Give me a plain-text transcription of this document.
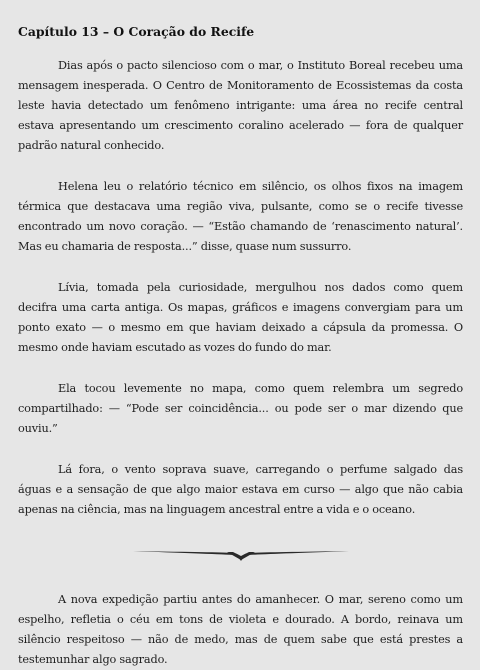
Capítulo 13 – O Coração do Recife

Dias após o pacto silencioso com o mar, o Instituto Boreal recebeu uma mensagem inesperada. O Centro de Monitoramento de Ecossistemas da costa leste havia detectado um fenômeno intrigante: uma área no recife central estava apresentando um crescimento coralino acelerado — fora de qualquer padrão natural conhecido.

Helena leu o relatório técnico em silêncio, os olhos fixos na imagem térmica que destacava uma região viva, pulsante, como se o recife tivesse encontrado um novo coração. — “Estão chamando de ‘renascimento natural’. Mas eu chamaria de resposta...” disse, quase num sussurro.

Lívia, tomada pela curiosidade, mergulhou nos dados como quem decifra uma carta antiga. Os mapas, gráficos e imagens convergiam para um ponto exato — o mesmo em que haviam deixado a cápsula da promessa. O mesmo onde haviam escutado as vozes do fundo do mar.

Ela tocou levemente no mapa, como quem relembra um segredo compartilhado: — “Pode ser coincidência... ou pode ser o mar dizendo que ouviu.”

Lá fora, o vento soprava suave, carregando o perfume salgado das águas e a sensação de que algo maior estava em curso — algo que não cabia apenas na ciência, mas na linguagem ancestral entre a vida e o oceano.

A nova expedição partiu antes do amanhecer. O mar, sereno como um espelho, refletia o céu em tons de violeta e dourado. A bordo, reinava um silêncio respeitoso — não de medo, mas de quem sabe que está prestes a testemunhar algo sagrado.
